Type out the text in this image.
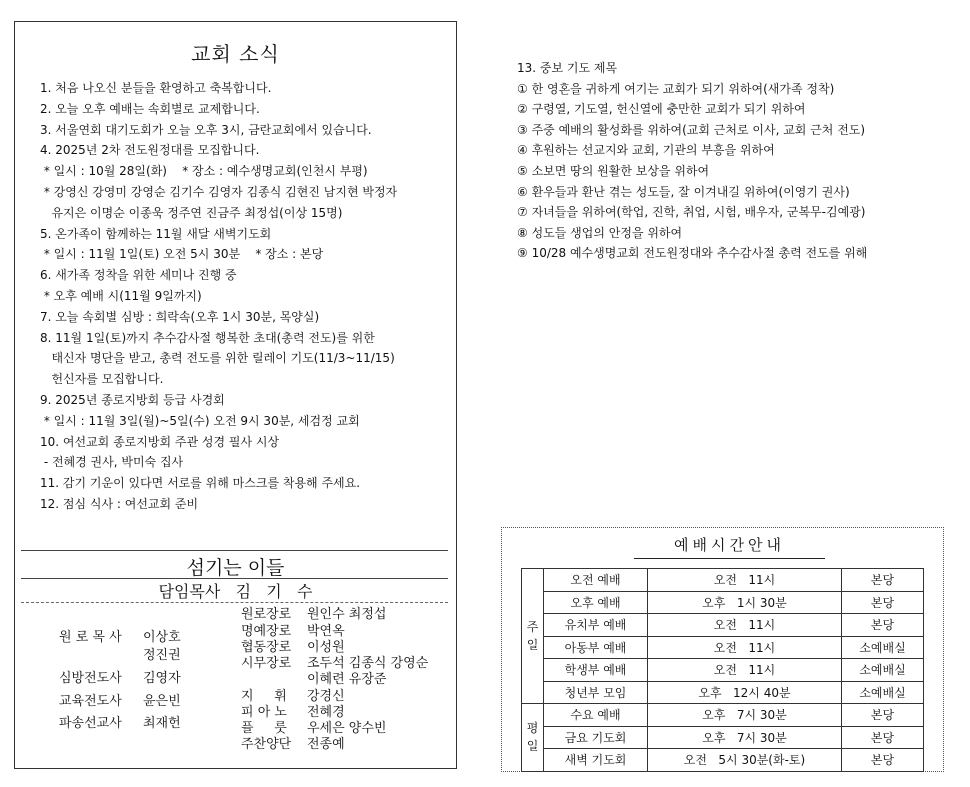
교회 소식
1. 처음 나오신 분들을 환영하고 축복합니다.
2. 오늘 오후 예배는 속회별로 교제합니다.
3. 서울연회 대기도회가 오늘 오후 3시, 금란교회에서 있습니다.
4. 2025년 2차 전도원정대를 모집합니다.
* 일시 : 10월 28일(화)    * 장소 : 예수생명교회(인천시 부평)
* 강영신 강영미 강영순 김기수 김영자 김종식 김현진 남지현 박정자
유지은 이명순 이종욱 정주연 진금주 최정섭(이상 15명)
5. 온가족이 함께하는 11월 새달 새벽기도회
* 일시 : 11월 1일(토) 오전 5시 30분    * 장소 : 본당
6. 새가족 정착을 위한 세미나 진행 중
* 오후 예배 시(11월 9일까지)
7. 오늘 속회별 심방 : 희락속(오후 1시 30분, 목양실)
8. 11월 1일(토)까지 추수감사절 행복한 초대(총력 전도)를 위한
태신자 명단을 받고, 총력 전도를 위한 릴레이 기도(11/3~11/15)
헌신자를 모집합니다.
9. 2025년 종로지방회 등급 사경회
* 일시 : 11월 3일(월)~5일(수) 오전 9시 30분, 세검정 교회
10. 여선교회 종로지방회 주관 성경 필사 시상
- 전혜경 권사, 박미숙 집사
11. 감기 기운이 있다면 서로를 위해 마스크를 착용해 주세요.
12. 점심 식사 : 여선교회 준비
섬기는 이들
담임목사   김   기   수
원 로 목 사 이상호
정진권
심방전도사 김영자
교육전도사 윤은빈
파송선교사 최재헌
원로장로 원인수 최정섭
명예장로 박연옥
협동장로 이성원
시무장로 조두석 김종식 강영순
이혜련 유장준
지     휘 강경신
피 아 노 전혜경
플     룻 우세은 양수빈
주찬양단 전종예
13. 중보 기도 제목
① 한 영혼을 귀하게 여기는 교회가 되기 위하여(새가족 정착)
② 구령열, 기도열, 헌신열에 충만한 교회가 되기 위하여
③ 주중 예배의 활성화를 위하여(교회 근처로 이사, 교회 근처 전도)
④ 후원하는 선교지와 교회, 기관의 부흥을 위하여
⑤ 소보면 땅의 원활한 보상을 위하여
⑥ 환우들과 환난 겪는 성도들, 잘 이겨내길 위하여(이영기 권사)
⑦ 자녀들을 위하여(학업, 진학, 취업, 시험, 배우자, 군복무-김예광)
⑧ 성도들 생업의 안정을 위하여
⑨ 10/28 예수생명교회 전도원정대와 추수감사절 총력 전도를 위해
예배시간안내
주
일	오전 예배	오전   11시	본당
	오후 예배	오후   1시 30분	본당
	유치부 예배	오전   11시	본당
	아동부 예배	오전   11시	소예배실
	학생부 예배	오전   11시	소예배실
	청년부 모임	오후   12시 40분	소예배실
평
일	수요 예배	오후   7시 30분	본당
	금요 기도회	오후   7시 30분	본당
	새벽 기도회	오전   5시 30분(화-토)	본당
